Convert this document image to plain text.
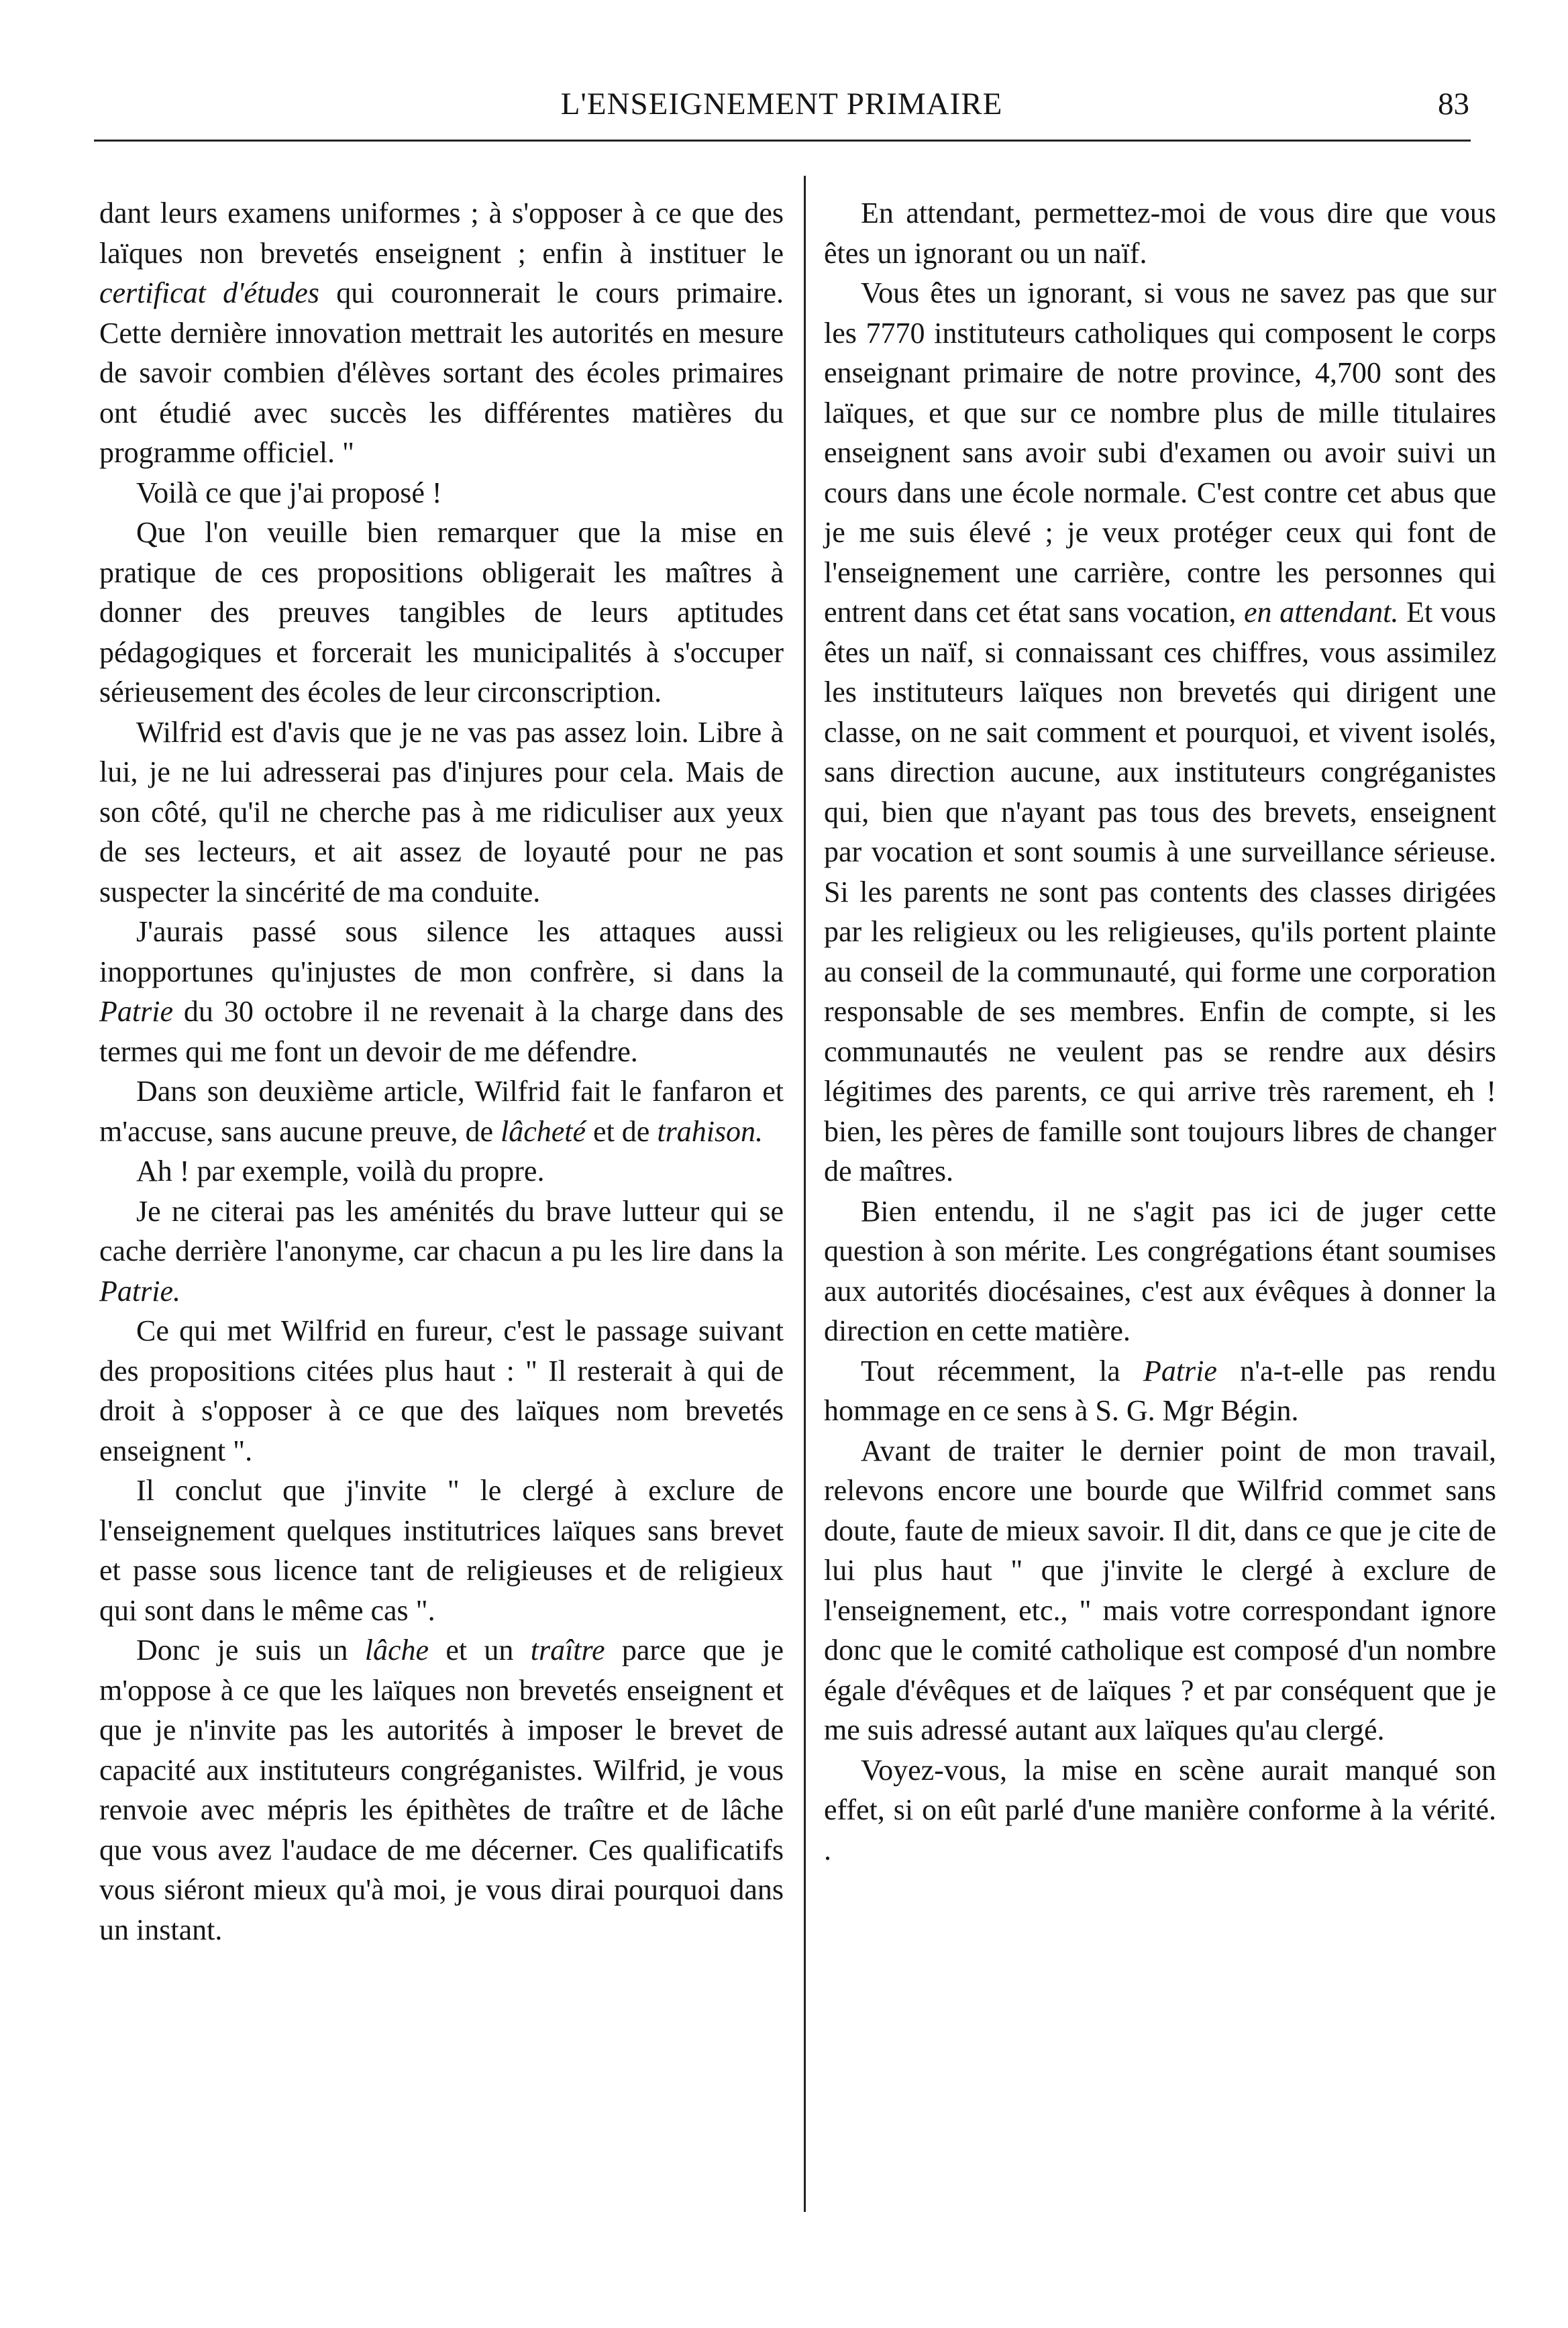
L'ENSEIGNEMENT PRIMAIRE	83

dant leurs examens uniformes ; à s'opposer à ce que des laïques non brevetés enseignent ; enfin à instituer le certificat d'études qui couronnerait le cours primaire. Cette dernière innovation mettrait les autorités en mesure de savoir combien d'élèves sortant des écoles primaires ont étudié avec succès les différentes matières du programme officiel. "

Voilà ce que j'ai proposé !

Que l'on veuille bien remarquer que la mise en pratique de ces propositions obligerait les maîtres à donner des preuves tangibles de leurs aptitudes pédagogiques et forcerait les municipalités à s'occuper sérieusement des écoles de leur circonscription.

Wilfrid est d'avis que je ne vas pas assez loin. Libre à lui, je ne lui adresserai pas d'injures pour cela. Mais de son côté, qu'il ne cherche pas à me ridiculiser aux yeux de ses lecteurs, et ait assez de loyauté pour ne pas suspecter la sincérité de ma conduite.

J'aurais passé sous silence les attaques aussi inopportunes qu'injustes de mon confrère, si dans la Patrie du 30 octobre il ne revenait à la charge dans des termes qui me font un devoir de me défendre.

Dans son deuxième article, Wilfrid fait le fanfaron et m'accuse, sans aucune preuve, de lâcheté et de trahison.

Ah ! par exemple, voilà du propre.

Je ne citerai pas les aménités du brave lutteur qui se cache derrière l'anonyme, car chacun a pu les lire dans la Patrie.

Ce qui met Wilfrid en fureur, c'est le passage suivant des propositions citées plus haut : " Il resterait à qui de droit à s'opposer à ce que des laïques nom brevetés enseignent ".

Il conclut que j'invite " le clergé à exclure de l'enseignement quelques institutrices laïques sans brevet et passe sous licence tant de religieuses et de religieux qui sont dans le même cas ".

Donc je suis un lâche et un traître parce que je m'oppose à ce que les laïques non brevetés enseignent et que je n'invite pas les autorités à imposer le brevet de capacité aux instituteurs congréganistes. Wilfrid, je vous renvoie avec mépris les épithètes de traître et de lâche que vous avez l'audace de me décerner. Ces qualificatifs vous siéront mieux qu'à moi, je vous dirai pourquoi dans un instant.

En attendant, permettez-moi de vous dire que vous êtes un ignorant ou un naïf.

Vous êtes un ignorant, si vous ne savez pas que sur les 7770 instituteurs catholiques qui composent le corps enseignant primaire de notre province, 4,700 sont des laïques, et que sur ce nombre plus de mille titulaires enseignent sans avoir subi d'examen ou avoir suivi un cours dans une école normale. C'est contre cet abus que je me suis élevé ; je veux protéger ceux qui font de l'enseignement une carrière, contre les personnes qui entrent dans cet état sans vocation, en attendant. Et vous êtes un naïf, si connaissant ces chiffres, vous assimilez les instituteurs laïques non brevetés qui dirigent une classe, on ne sait comment et pourquoi, et vivent isolés, sans direction aucune, aux instituteurs congréganistes qui, bien que n'ayant pas tous des brevets, enseignent par vocation et sont soumis à une surveillance sérieuse. Si les parents ne sont pas contents des classes dirigées par les religieux ou les religieuses, qu'ils portent plainte au conseil de la communauté, qui forme une corporation responsable de ses membres. Enfin de compte, si les communautés ne veulent pas se rendre aux désirs légitimes des parents, ce qui arrive très rarement, eh ! bien, les pères de famille sont toujours libres de changer de maîtres.

Bien entendu, il ne s'agit pas ici de juger cette question à son mérite. Les congrégations étant soumises aux autorités diocésaines, c'est aux évêques à donner la direction en cette matière.

Tout récemment, la Patrie n'a-t-elle pas rendu hommage en ce sens à S. G. Mgr Bégin.

Avant de traiter le dernier point de mon travail, relevons encore une bourde que Wilfrid commet sans doute, faute de mieux savoir. Il dit, dans ce que je cite de lui plus haut " que j'invite le clergé à exclure de l'enseignement, etc., " mais votre correspondant ignore donc que le comité catholique est composé d'un nombre égale d'évêques et de laïques ? et par conséquent que je me suis adressé autant aux laïques qu'au clergé.

Voyez-vous, la mise en scène aurait manqué son effet, si on eût parlé d'une manière conforme à la vérité. .
